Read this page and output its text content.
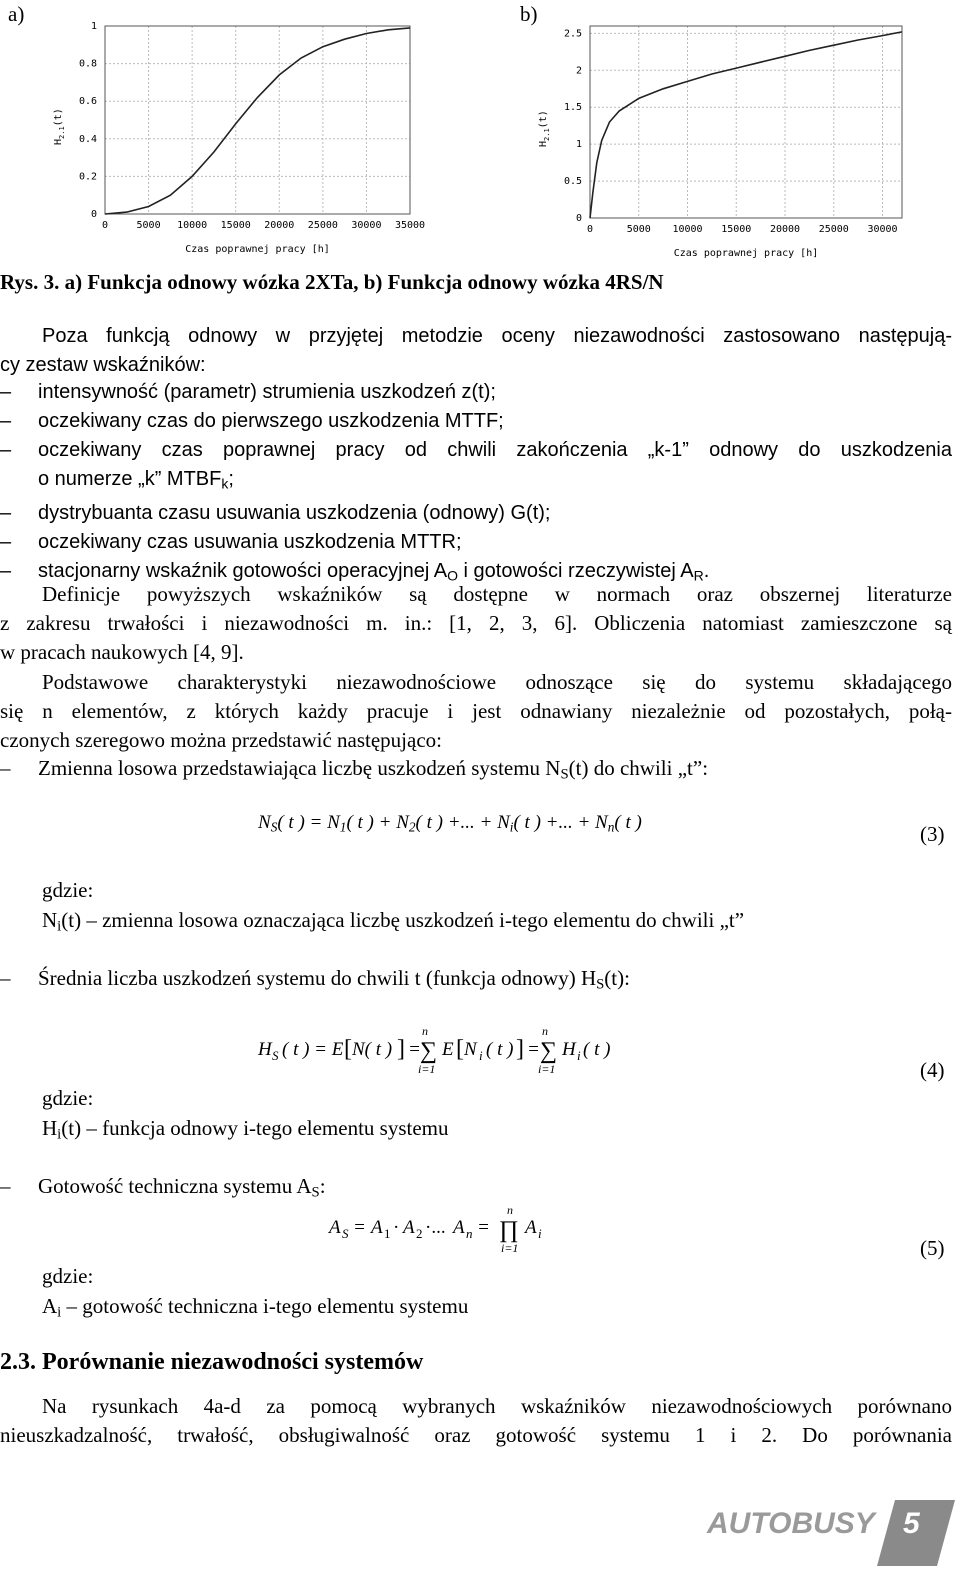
a)	b)
0	5000 10000 15000 20000 25000 30000 35000
0
0.2
0.4
0.6
0.8
1
Czas poprawnej pracy [h]
$H_{2.1}(t)$
0	5000 10000 15000 20000 25000 30000
0
0.5
1
1.5
2
2.5
Czas poprawnej pracy [h]
$H_{2.1}(t)$
Rys. 3. a) Funkcja odnowy wózka 2XTa, b) Funkcja odnowy wózka 4RS/N
Poza funkcją odnowy w przyjętej metodzie oceny niezawodności zastosowano następują-
cy zestaw wskaźników:
– intensywność (parametr) strumienia uszkodzeń z(t);
– oczekiwany czas do pierwszego uszkodzenia MTTF;
– oczekiwany czas poprawnej pracy od chwili zakończenia „k-1” odnowy do uszkodzenia
o numerze „k” $MTBF_k$;
– dystrybuanta czasu usuwania uszkodzenia (odnowy) G(t);
– oczekiwany czas usuwania uszkodzenia MTTR;
– stacjonarny wskaźnik gotowości operacyjnej $A_O$ i gotowości rzeczywistej $A_R$.
Definicje powyższych wskaźników są dostępne w normach oraz obszernej literaturze
z zakresu trwałości i niezawodności m. in.: [1, 2, 3, 6]. Obliczenia natomiast zamieszczone są
w pracach naukowych [4, 9].
Podstawowe charakterystyki niezawodnościowe odnoszące się do systemu składającego
się n elementów, z których każdy pracuje i jest odnawiany niezależnie od pozostałych, połą-
czonych szeregowo można przedstawić następująco:
– Zmienna losowa przedstawiająca liczbę uszkodzeń systemu $N_S(t)$ do chwili „t”:
$N_S$( t ) = $N_1$( t ) + $N_2$( t ) +... + $N_i$( t ) +... + $N_n$( t )	(3)
gdzie:
$N_i(t)$ – zmienna losowa oznaczająca liczbę uszkodzeń i-tego elementu do chwili „t”
– Średnia liczba uszkodzeń systemu do chwili t (funkcja odnowy) $H_S(t)$:
H S ( t ) = E [ N( t ) ] =
n
∑
i=1
E [ N i ( t ) ] =
n
∑
i=1
H i ( t )
(4)
gdzie:
$H_i(t)$ – funkcja odnowy i-tego elementu systemu
– Gotowość techniczna systemu $A_S$:
A S = A 1 · A 2 ·... A n =
n
∏
i=1
A i
(5)
gdzie:
$A_i$ – gotowość techniczna i-tego elementu systemu
2.3. Porównanie niezawodności systemów
Na rysunkach 4a-d za pomocą wybranych wskaźników niezawodnościowych porównano
nieuszkadzalność, trwałość, obsługiwalność oraz gotowość systemu 1 i 2. Do porównania
AUTOBUSY 5
